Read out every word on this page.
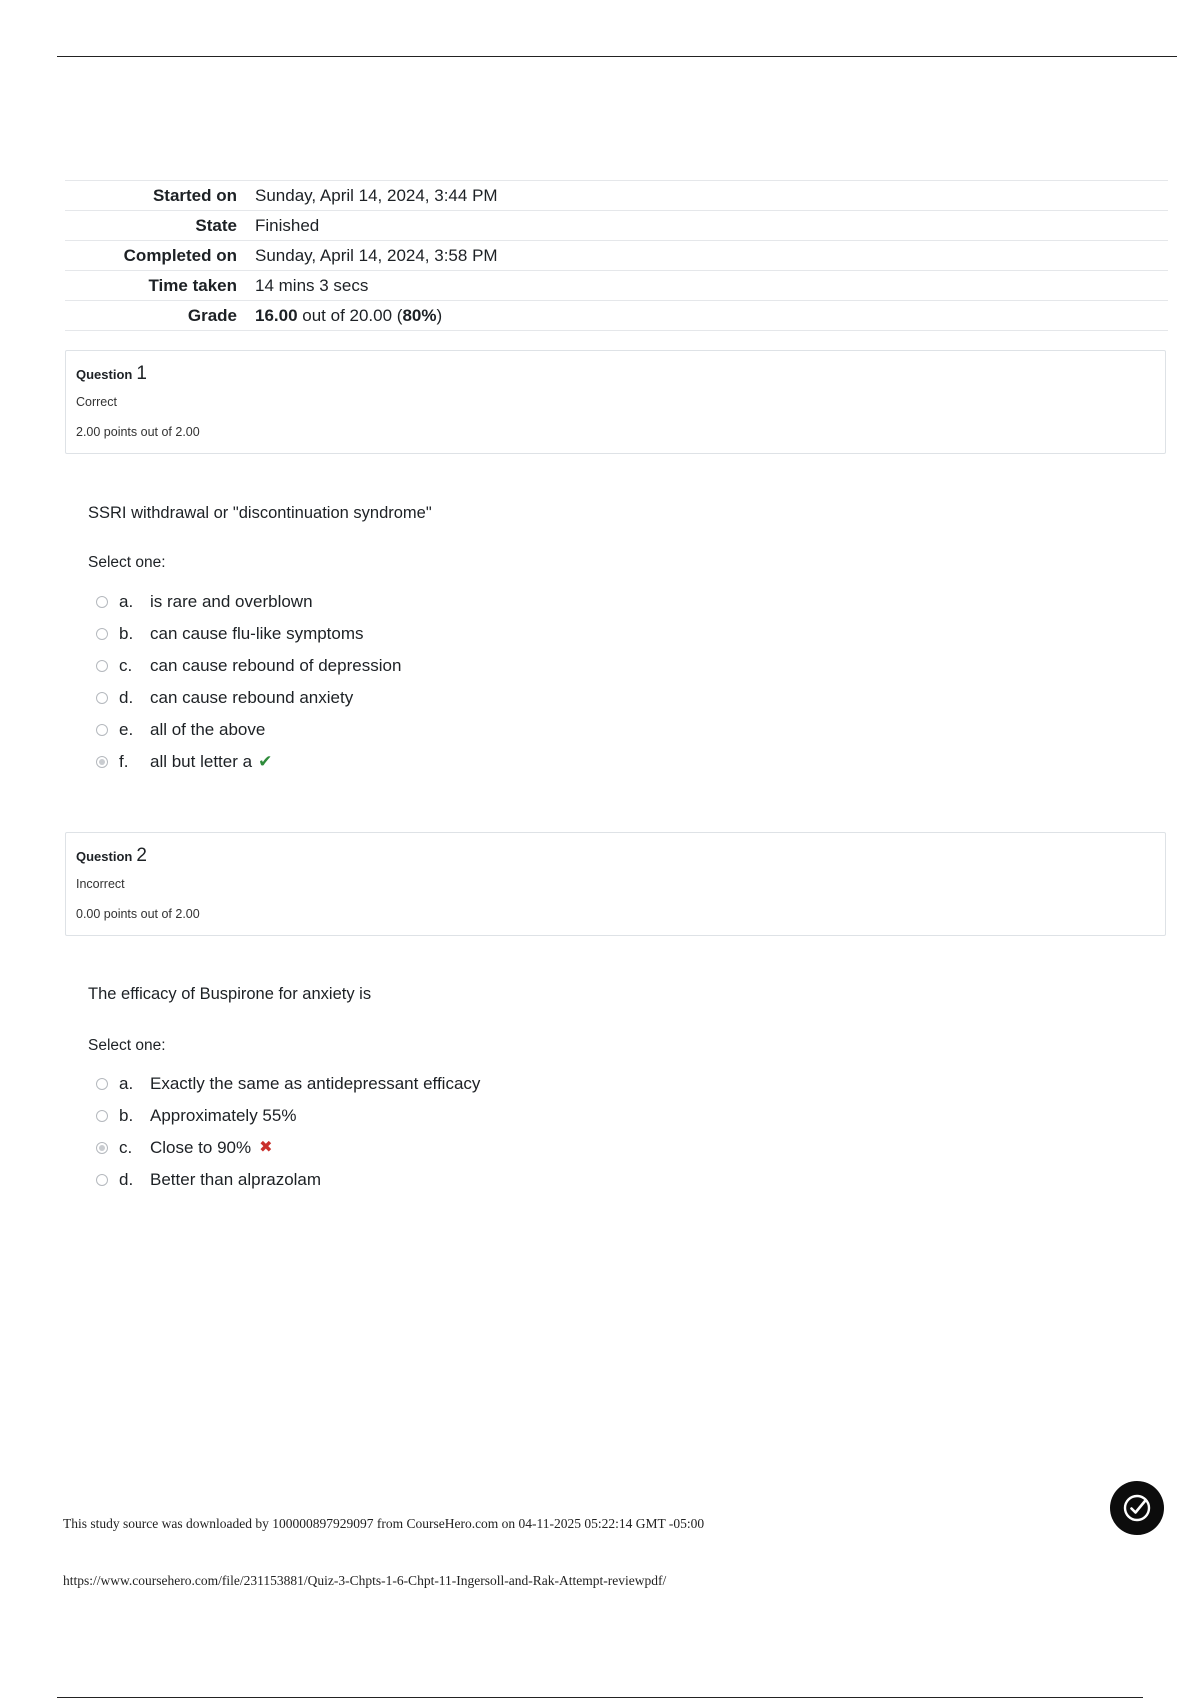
Started on	Sunday, April 14, 2024, 3:44 PM
State	Finished
Completed on	Sunday, April 14, 2024, 3:58 PM
Time taken	14 mins 3 secs
Grade	16.00 out of 20.00 (80%)
Question 1
Correct
2.00 points out of 2.00
SSRI withdrawal or "discontinuation syndrome"
Select one:
a. is rare and overblown
b. can cause flu-like symptoms
c.	can cause rebound of depression
d. can cause rebound anxiety
e. all of the above
f.	all but letter a ✔
Question 2
Incorrect
0.00 points out of 2.00
The efficacy of Buspirone for anxiety is
Select one:
a. Exactly the same as antidepressant efficacy
b. Approximately 55%
c.	Close to 90% ✖
d. Better than alprazolam
This study source was downloaded by 100000897929097 from CourseHero.com on 04-11-2025 05:22:14 GMT -05:00
https://www.coursehero.com/file/231153881/Quiz-3-Chpts-1-6-Chpt-11-Ingersoll-and-Rak-Attempt-reviewpdf/
